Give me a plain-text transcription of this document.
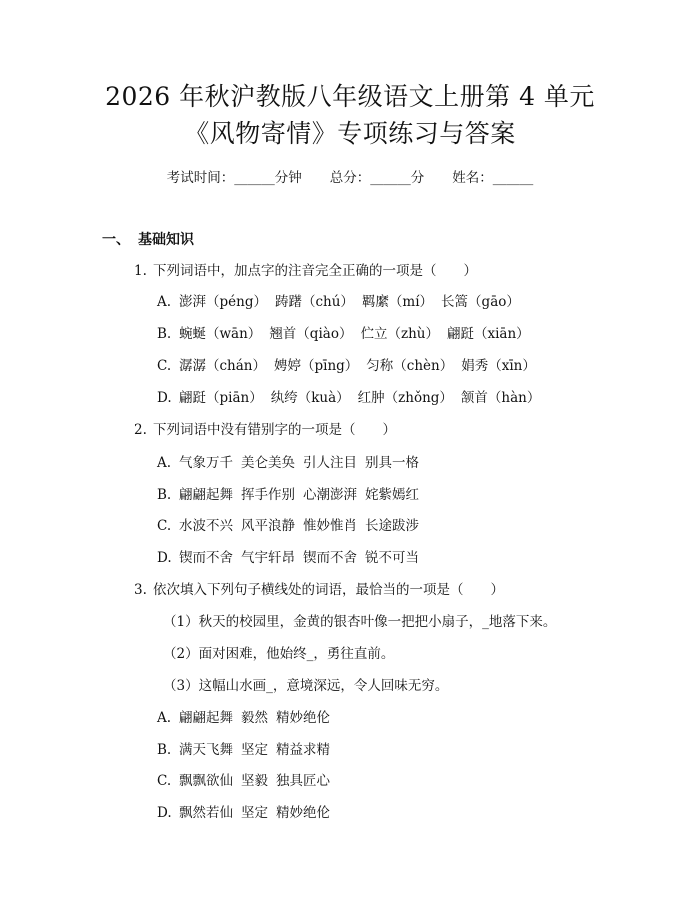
2026 年秋沪教版八年级语文上册第 4 单元
《风物寄情》专项练习与答案
考试时间：______分钟 总分：______分 姓名：______
一、 基础知识
1. 下列词语中，加点字的注音完全正确的一项是（　　）
A. 澎湃（péng） 踌躇（chú） 羁縻（mí） 长篙（gāo）
B. 蜿蜒（wān） 翘首（qiào） 伫立（zhù） 翩跹（xiān）
C. 潺潺（chán） 娉婷（pīng） 匀称（chèn） 娟秀（xīn）
D. 翩跹（piān） 纨绔（kuà） 红肿（zhǒng） 颔首（hàn）
2. 下列词语中没有错别字的一项是（　　）
A. 气象万千 美仑美奂 引人注目 别具一格
B. 翩翩起舞 挥手作别 心潮澎湃 姹紫嫣红
C. 水波不兴 风平浪静 惟妙惟肖 长途跋涉
D. 锲而不舍 气宇轩昂 锲而不舍 锐不可当
3. 依次填入下列句子横线处的词语，最恰当的一项是（　　）
（1）秋天的校园里，金黄的银杏叶像一把把小扇子，_地落下来。
（2）面对困难，他始终_，勇往直前。
（3）这幅山水画_，意境深远，令人回味无穷。
A. 翩翩起舞 毅然 精妙绝伦
B. 满天飞舞 坚定 精益求精
C. 飘飘欲仙 坚毅 独具匠心
D. 飘然若仙 坚定 精妙绝伦
